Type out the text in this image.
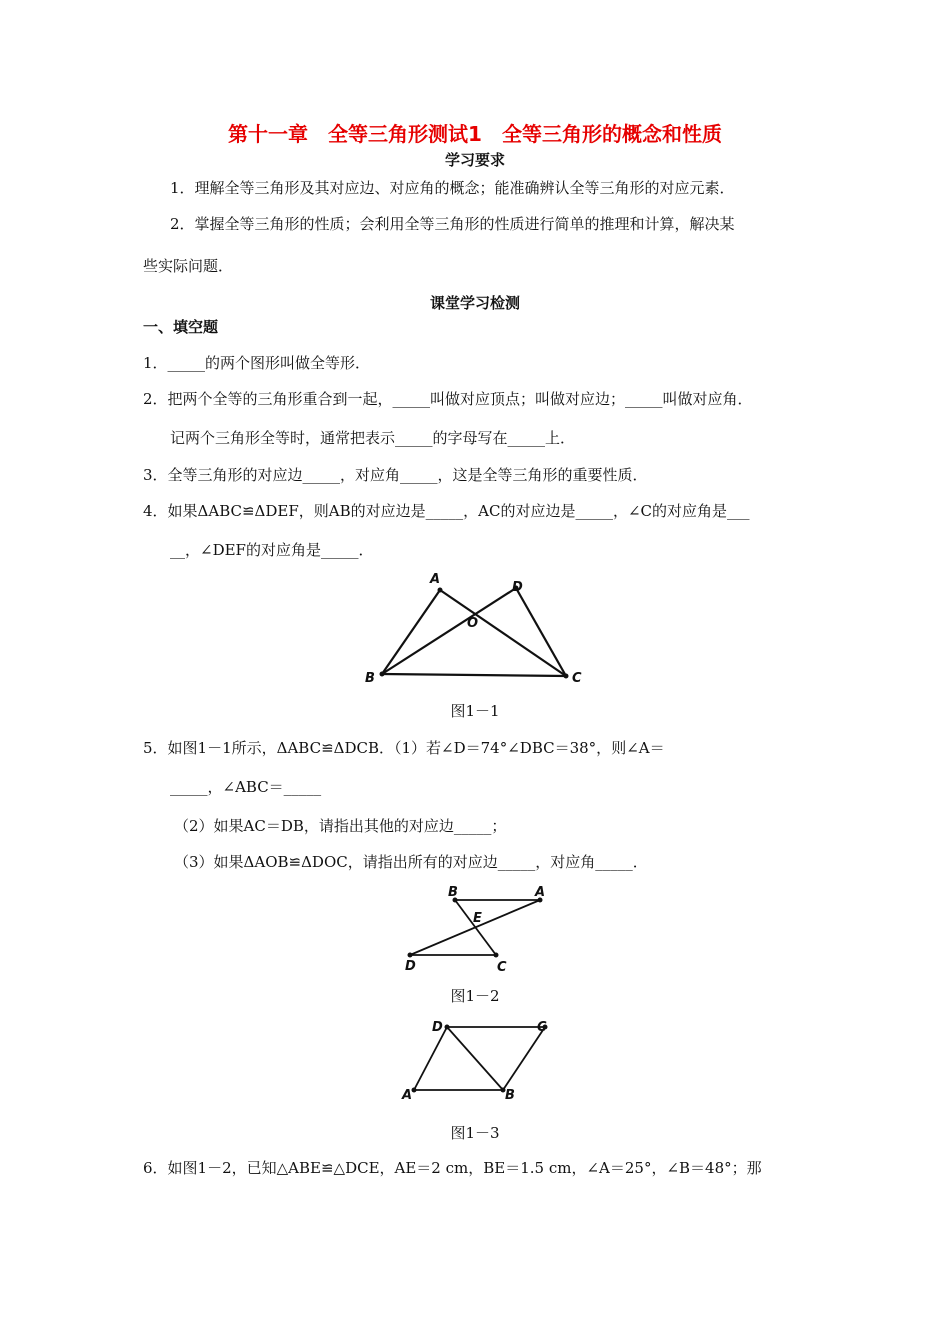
第十一章　全等三角形测试1　全等三角形的概念和性质
学习要求
1．理解全等三角形及其对应边、对应角的概念；能准确辨认全等三角形的对应元素．
2．掌握全等三角形的性质；会利用全等三角形的性质进行简单的推理和计算，解决某
些实际问题．
课堂学习检测
一、填空题
1．_____的两个图形叫做全等形．
2．把两个全等的三角形重合到一起，_____叫做对应顶点；叫做对应边；_____叫做对应角．
记两个三角形全等时，通常把表示_____的字母写在_____上．
3．全等三角形的对应边_____，对应角_____，这是全等三角形的重要性质．
4．如果ΔABC≌ΔDEF，则AB的对应边是_____，AC的对应边是_____，∠C的对应角是___
__，∠DEF的对应角是_____．
A
D
O
B	C
B	A
E
D	C
D	C
A	B
图1－1
5．如图1－1所示，ΔABC≌ΔDCB．（1）若∠D＝74°∠DBC＝38°，则∠A＝
_____，∠ABC＝_____
（2）如果AC＝DB，请指出其他的对应边_____；
（3）如果ΔAOB≌ΔDOC，请指出所有的对应边_____，对应角_____．
图1－2
图1－3
6．如图1－2，已知△ABE≌△DCE，AE＝2 cm，BE＝1.5 cm，∠A＝25°，∠B＝48°；那
